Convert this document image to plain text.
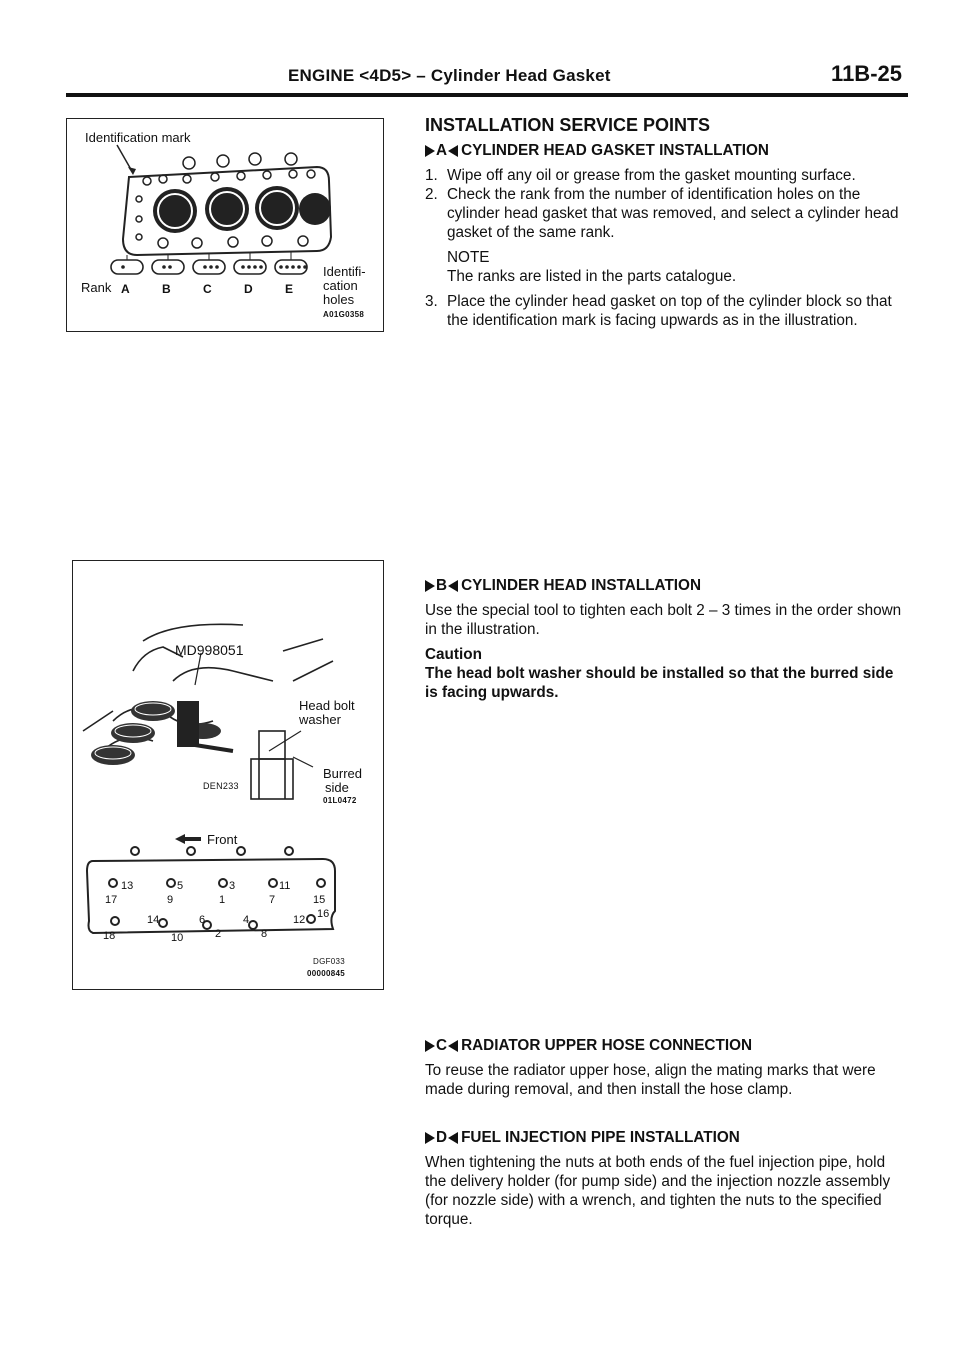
ENGINE <4D5> – Cylinder Head Gasket	11B-25
Identification mark
Rank A	B	C	D	E
Identifi-
cation
holes
A01G0358
MD998051
Head bolt
washer
Burred
side
DEN233
01L0472
Front
13	5	3	11
17	9	1	7	15
16
14	6	4	12
18	10	2	8
DGF033
00000845
INSTALLATION SERVICE POINTS
A CYLINDER HEAD GASKET INSTALLATION
1. Wipe off any oil or grease from the gasket mounting surface.
2. Check the rank from the number of identification holes on the cylinder head gasket that was removed, and select a cylinder head gasket of the same rank.
NOTE
The ranks are listed in the parts catalogue.
3. Place the cylinder head gasket on top of the cylinder block so that the identification mark is facing upwards as in the illustration.
B CYLINDER HEAD INSTALLATION

Use the special tool to tighten each bolt 2 – 3 times in the order shown in the illustration.

Caution
The head bolt washer should be installed so that the burred side is facing upwards.
C RADIATOR UPPER HOSE CONNECTION

To reuse the radiator upper hose, align the mating marks that were made during removal, and then install the hose clamp.

D FUEL INJECTION PIPE INSTALLATION

When tightening the nuts at both ends of the fuel injection pipe, hold the delivery holder (for pump side) and the injection nozzle assembly (for nozzle side) with a wrench, and tighten the nuts to the specified torque.
